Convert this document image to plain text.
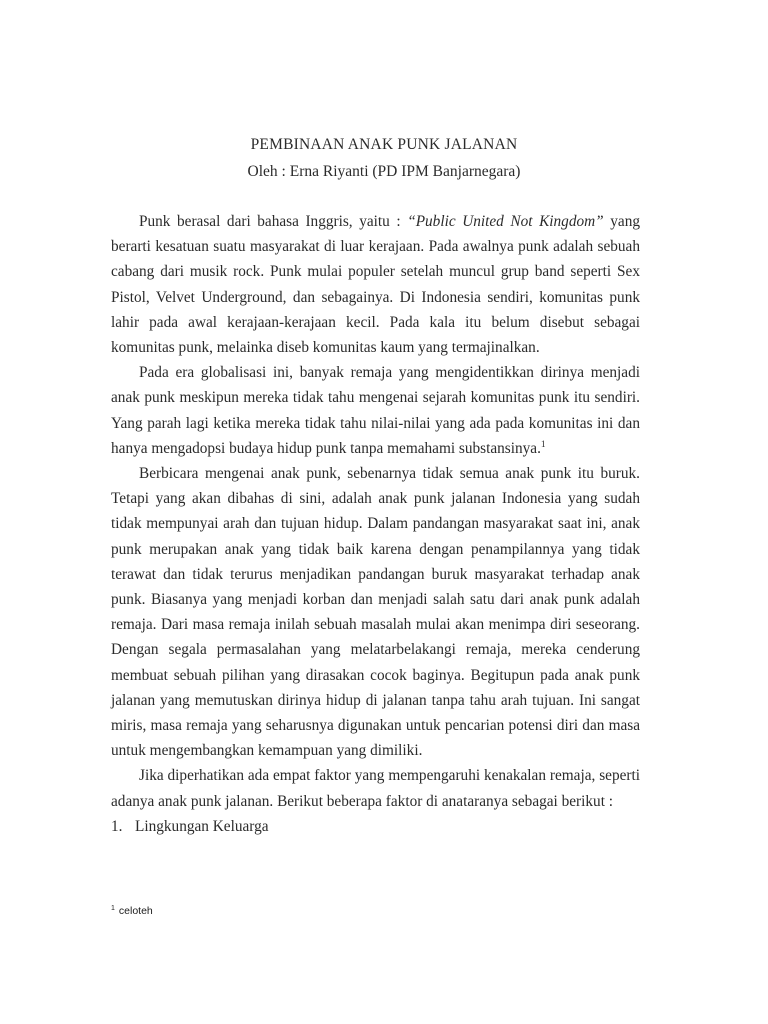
PEMBINAAN ANAK PUNK JALANAN
Oleh : Erna Riyanti (PD IPM Banjarnegara)

Punk berasal dari bahasa Inggris, yaitu : “Public United Not Kingdom” yang berarti kesatuan suatu masyarakat di luar kerajaan. Pada awalnya punk adalah sebuah cabang dari musik rock. Punk mulai populer setelah muncul grup band seperti Sex Pistol, Velvet Underground, dan sebagainya. Di Indonesia sendiri, komunitas punk lahir pada awal kerajaan-kerajaan kecil. Pada kala itu belum disebut sebagai komunitas punk, melainka diseb komunitas kaum yang termajinalkan.

Pada era globalisasi ini, banyak remaja yang mengidentikkan dirinya menjadi anak punk meskipun mereka tidak tahu mengenai sejarah komunitas punk itu sendiri. Yang parah lagi ketika mereka tidak tahu nilai-nilai yang ada pada komunitas ini dan hanya mengadopsi budaya hidup punk tanpa memahami substansinya.$^1$

Berbicara mengenai anak punk, sebenarnya tidak semua anak punk itu buruk. Tetapi yang akan dibahas di sini, adalah anak punk jalanan Indonesia yang sudah tidak mempunyai arah dan tujuan hidup. Dalam pandangan masyarakat saat ini, anak punk merupakan anak yang tidak baik karena dengan penampilannya yang tidak terawat dan tidak terurus menjadikan pandangan buruk masyarakat terhadap anak punk. Biasanya yang menjadi korban dan menjadi salah satu dari anak punk adalah remaja. Dari masa remaja inilah sebuah masalah mulai akan menimpa diri seseorang. Dengan segala permasalahan yang melatarbelakangi remaja, mereka cenderung membuat sebuah pilihan yang dirasakan cocok baginya. Begitupun pada anak punk jalanan yang memutuskan dirinya hidup di jalanan tanpa tahu arah tujuan. Ini sangat miris, masa remaja yang seharusnya digunakan untuk pencarian potensi diri dan masa untuk mengembangkan kemampuan yang dimiliki.

Jika diperhatikan ada empat faktor yang mempengaruhi kenakalan remaja, seperti adanya anak punk jalanan. Berikut beberapa faktor di anataranya sebagai berikut :

1. Lingkungan Keluarga
$^1$ celoteh
